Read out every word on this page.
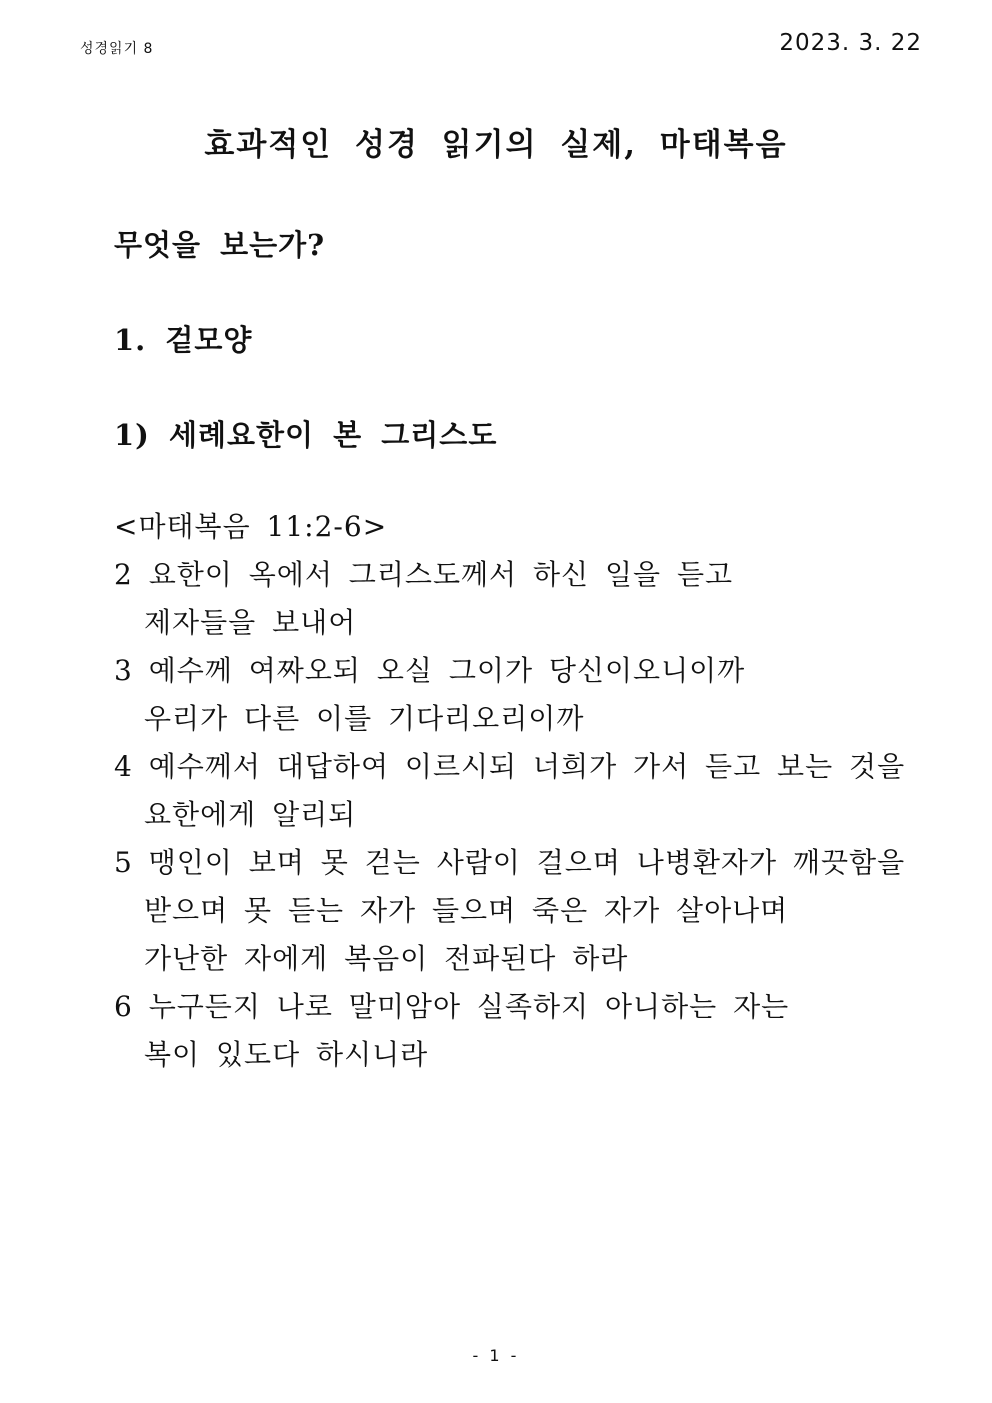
성경읽기 8	2023. 3. 22
효과적인 성경 읽기의 실제, 마태복음
무엇을 보는가?
1. 겉모양
1) 세례요한이 본 그리스도
<마태복음 11:2-6>
2 요한이 옥에서 그리스도께서 하신 일을 듣고
제자들을 보내어
3 예수께 여짜오되 오실 그이가 당신이오니이까
우리가 다른 이를 기다리오리이까
4 예수께서 대답하여 이르시되 너희가 가서 듣고 보는 것을
요한에게 알리되
5 맹인이 보며 못 걷는 사람이 걸으며 나병환자가 깨끗함을
받으며 못 듣는 자가 들으며 죽은 자가 살아나며
가난한 자에게 복음이 전파된다 하라
6 누구든지 나로 말미암아 실족하지 아니하는 자는
복이 있도다 하시니라
- 1 -
